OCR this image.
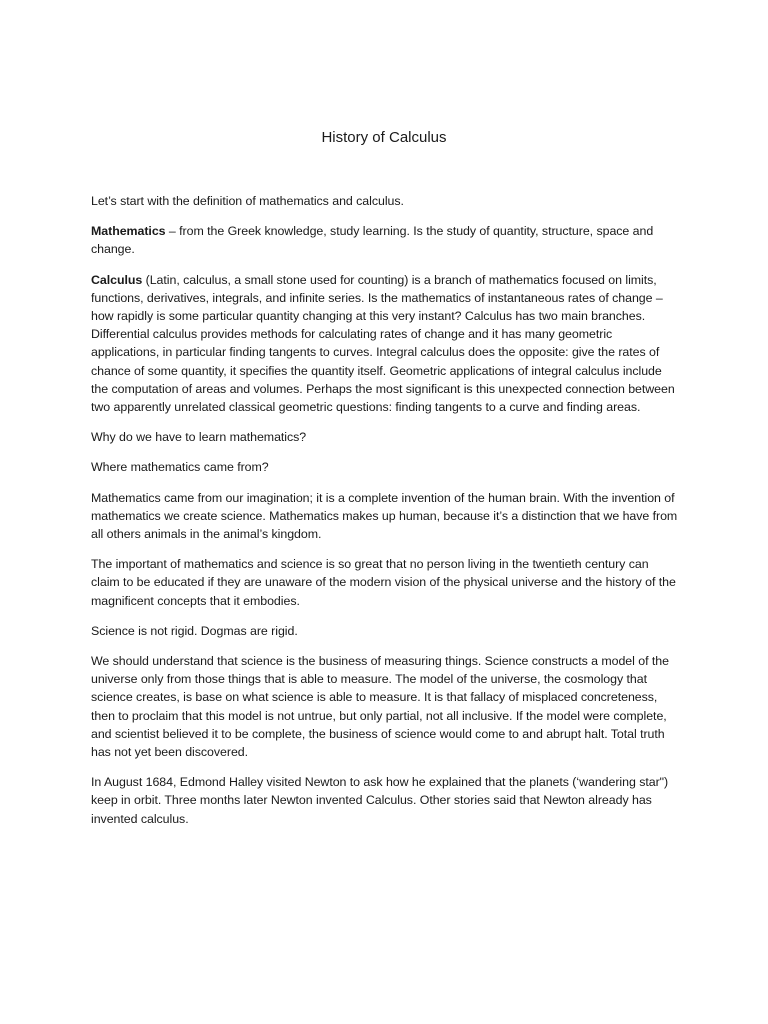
History of Calculus

Let’s start with the definition of mathematics and calculus.

Mathematics – from the Greek knowledge, study learning. Is the study of quantity, structure, space and change.

Calculus (Latin, calculus, a small stone used for counting) is a branch of mathematics focused on limits, functions, derivatives, integrals, and infinite series. Is the mathematics of instantaneous rates of change – how rapidly is some particular quantity changing at this very instant? Calculus has two main branches. Differential calculus provides methods for calculating rates of change and it has many geometric applications, in particular finding tangents to curves. Integral calculus does the opposite: give the rates of chance of some quantity, it specifies the quantity itself. Geometric applications of integral calculus include the computation of areas and volumes. Perhaps the most significant is this unexpected connection between two apparently unrelated classical geometric questions: finding tangents to a curve and finding areas.

Why do we have to learn mathematics?

Where mathematics came from?

Mathematics came from our imagination; it is a complete invention of the human brain. With the invention of mathematics we create science. Mathematics makes up human, because it’s a distinction that we have from all others animals in the animal’s kingdom.

The important of mathematics and science is so great that no person living in the twentieth century can claim to be educated if they are unaware of the modern vision of the physical universe and the history of the magnificent concepts that it embodies.

Science is not rigid. Dogmas are rigid.

We should understand that science is the business of measuring things. Science constructs a model of the universe only from those things that is able to measure. The model of the universe, the cosmology that science creates, is base on what science is able to measure. It is that fallacy of misplaced concreteness, then to proclaim that this model is not untrue, but only partial, not all inclusive. If the model were complete, and scientist believed it to be complete, the business of science would come to and abrupt halt. Total truth has not yet been discovered.

In August 1684, Edmond Halley visited Newton to ask how he explained that the planets (‘wandering star") keep in orbit. Three months later Newton invented Calculus. Other stories said that Newton already has invented calculus.
